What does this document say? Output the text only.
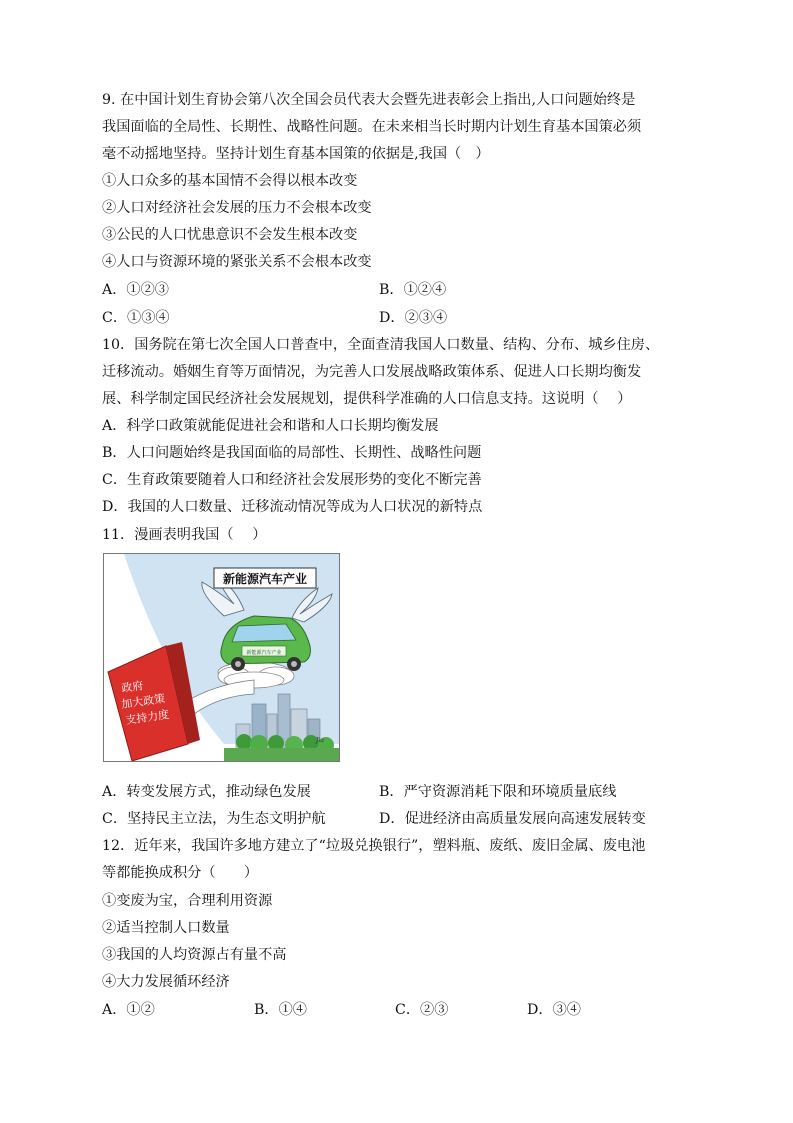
9. 在中国计划生育协会第八次全国会员代表大会暨先进表彰会上指出,人口问题始终是
我国面临的全局性、长期性、战略性问题。在未来相当长时期内计划生育基本国策必须
毫不动摇地坚持。坚持计划生育基本国策的依据是,我国（　）
①人口众多的基本国情不会得以根本改变
②人口对经济社会发展的压力不会根本改变
③公民的人口忧患意识不会发生根本改变
④人口与资源环境的紧张关系不会根本改变
A．①②③	B．①②④
C．①③④	D．②③④
10．国务院在第七次全国人口普查中，全面查清我国人口数量、结构、分布、城乡住房、
迁移流动。婚姻生育等万面情况，为完善人口发展战略政策体系、促进人口长期均衡发
展、科学制定国民经济社会发展规划，提供科学准确的人口信息支持。这说明（　 ）
A．科学口政策就能促进社会和谐和人口长期均衡发展
B．人口问题始终是我国面临的局部性、长期性、战略性问题
C．生育政策要随着人口和经济社会发展形势的变化不断完善
D．我国的人口数量、迁移流动情况等成为人口状况的新特点
11．漫画表明我国（　 ）
新能源汽车产业
新能源汽车产业
政府
加大政策
支持力度
Jia
A．转变发展方式，推动绿色发展	B．严守资源消耗下限和环境质量底线
C．坚持民主立法，为生态文明护航	D．促进经济由高质量发展向高速发展转变
12．近年来，我国许多地方建立了“垃圾兑换银行”，塑料瓶、废纸、废旧金属、废电池
等都能换成积分（　　）
①变废为宝，合理利用资源
②适当控制人口数量
③我国的人均资源占有量不高
④大力发展循环经济
A．①②	B．①④	C．②③	D．③④
